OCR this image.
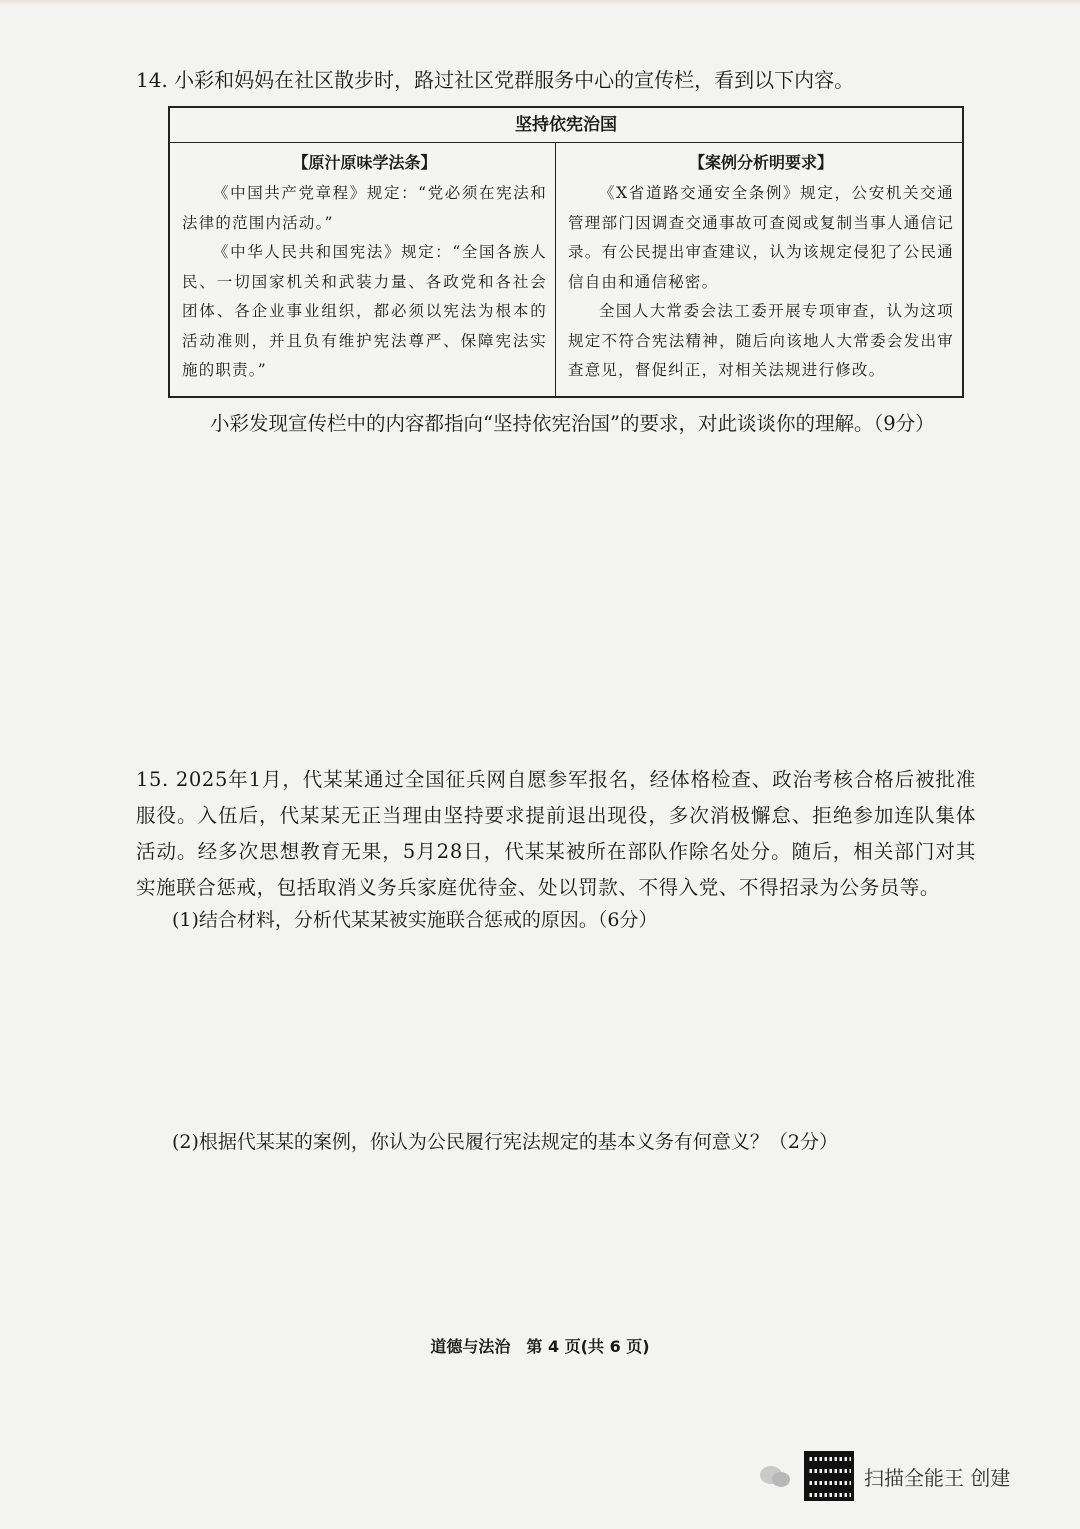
14. 小彩和妈妈在社区散步时，路过社区党群服务中心的宣传栏，看到以下内容。
坚持依宪治国
【原汁原味学法条】

《中国共产党章程》规定：“党必须在宪法和法律的范围内活动。”

《中华人民共和国宪法》规定：“全国各族人民、一切国家机关和武装力量、各政党和各社会团体、各企业事业组织，都必须以宪法为根本的活动准则，并且负有维护宪法尊严、保障宪法实施的职责。”

【案例分析明要求】

《X省道路交通安全条例》规定，公安机关交通管理部门因调查交通事故可查阅或复制当事人通信记录。有公民提出审查建议，认为该规定侵犯了公民通信自由和通信秘密。

全国人大常委会法工委开展专项审查，认为这项规定不符合宪法精神，随后向该地人大常委会发出审查意见，督促纠正，对相关法规进行修改。

小彩发现宣传栏中的内容都指向“坚持依宪治国”的要求，对此谈谈你的理解。（9分）

15. 2025年1月，代某某通过全国征兵网自愿参军报名，经体格检查、政治考核合格后被批准服役。入伍后，代某某无正当理由坚持要求提前退出现役，多次消极懈怠、拒绝参加连队集体活动。经多次思想教育无果，5月28日，代某某被所在部队作除名处分。随后，相关部门对其实施联合惩戒，包括取消义务兵家庭优待金、处以罚款、不得入党、不得招录为公务员等。

(1)结合材料，分析代某某被实施联合惩戒的原因。（6分）
(2)根据代某某的案例，你认为公民履行宪法规定的基本义务有何意义？（2分）
道德与法治　第 4 页(共 6 页)
扫描全能王 创建
